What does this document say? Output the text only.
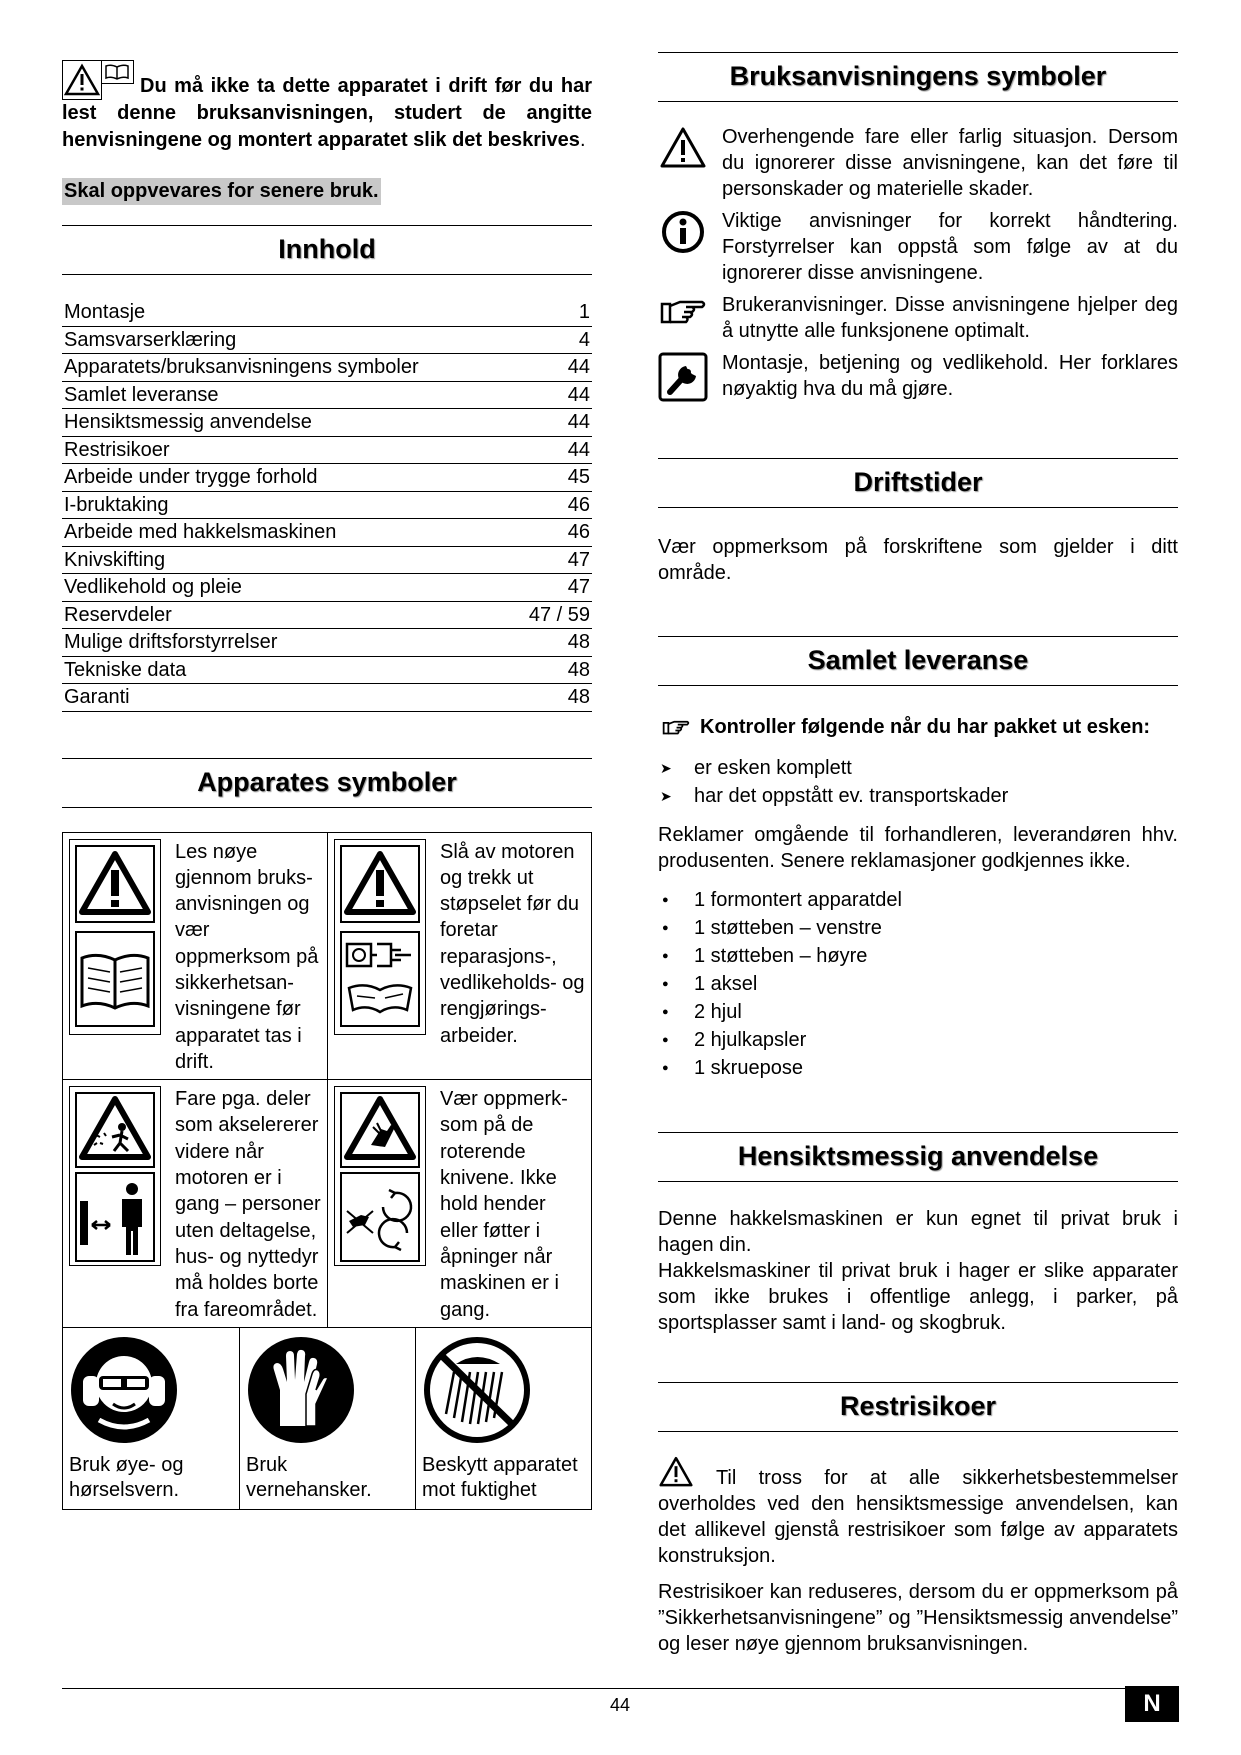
Du må ikke ta dette apparatet i drift før du har lest denne bruksanvisningen, studert de angitte henvisningene og montert apparatet slik det beskrives.
Skal oppvevares for senere bruk.
Innhold
Montasje	1
Samsvarserklæring	4
Apparatets/bruksanvisningens symboler	44
Samlet leveranse	44
Hensiktsmessig anvendelse	44
Restrisikoer	44
Arbeide under trygge forhold	45
I-bruktaking	46
Arbeide med hakkelsmaskinen	46
Knivskifting	47
Vedlikehold og pleie	47
Reservdeler	47 / 59
Mulige driftsforstyrrelser	48
Tekniske data	48
Garanti	48
Apparates symboler
Les nøye gjennom bruks-anvisningen og vær oppmerksom på sikkerhetsan-visningene før apparatet tas i drift.
Slå av motoren og trekk ut støpselet før du foretar reparasjons-, vedlikeholds- og rengjørings-arbeider.
Fare pga. deler som akselererer videre når motoren er i gang – personer uten deltagelse, hus- og nyttedyr må holdes borte fra fareområdet.
Vær oppmerk-som på de roterende knivene. Ikke hold hender eller føtter i åpninger når maskinen er i gang.
Bruk øye- og hørselsvern.
Bruk vernehansker.
Beskytt apparatet mot fuktighet
Bruksanvisningens symboler
Overhengende fare eller farlig situasjon. Dersom du ignorerer disse anvisningene, kan det føre til personskader og materielle skader.
Viktige anvisninger for korrekt håndtering. Forstyrrelser kan oppstå som følge av at du ignorerer disse anvisningene.
Brukeranvisninger. Disse anvisningene hjelper deg å utnytte alle funksjonene optimalt.
Montasje, betjening og vedlikehold. Her forklares nøyaktig hva du må gjøre.
Driftstider
Vær oppmerksom på forskriftene som gjelder i ditt område.
Samlet leveranse
Kontroller følgende når du har pakket ut esken:
➤ er esken komplett
➤ har det oppstått ev. transportskader
Reklamer omgående til forhandleren, leverandøren hhv. produsenten. Senere reklamasjoner godkjennes ikke.
● 1 formontert apparatdel
● 1 støtteben – venstre
● 1 støtteben – høyre
● 1 aksel
● 2 hjul
● 2 hjulkapsler
● 1 skruepose
Hensiktsmessig anvendelse
Denne hakkelsmaskinen er kun egnet til privat bruk i hagen din.
Hakkelsmaskiner til privat bruk i hager er slike apparater som ikke brukes i offentlige anlegg, i parker, på sportsplasser samt i land- og skogbruk.
Restrisikoer
Til tross for at alle sikkerhetsbestemmelser overholdes ved den hensiktsmessige anvendelsen, kan det allikevel gjenstå restrisikoer som følge av apparatets konstruksjon.
Restrisikoer kan reduseres, dersom du er oppmerksom på ”Sikkerhetsanvisningene” og ”Hensiktsmessig anvendelse” og leser nøye gjennom bruksanvisningen.
44	N
